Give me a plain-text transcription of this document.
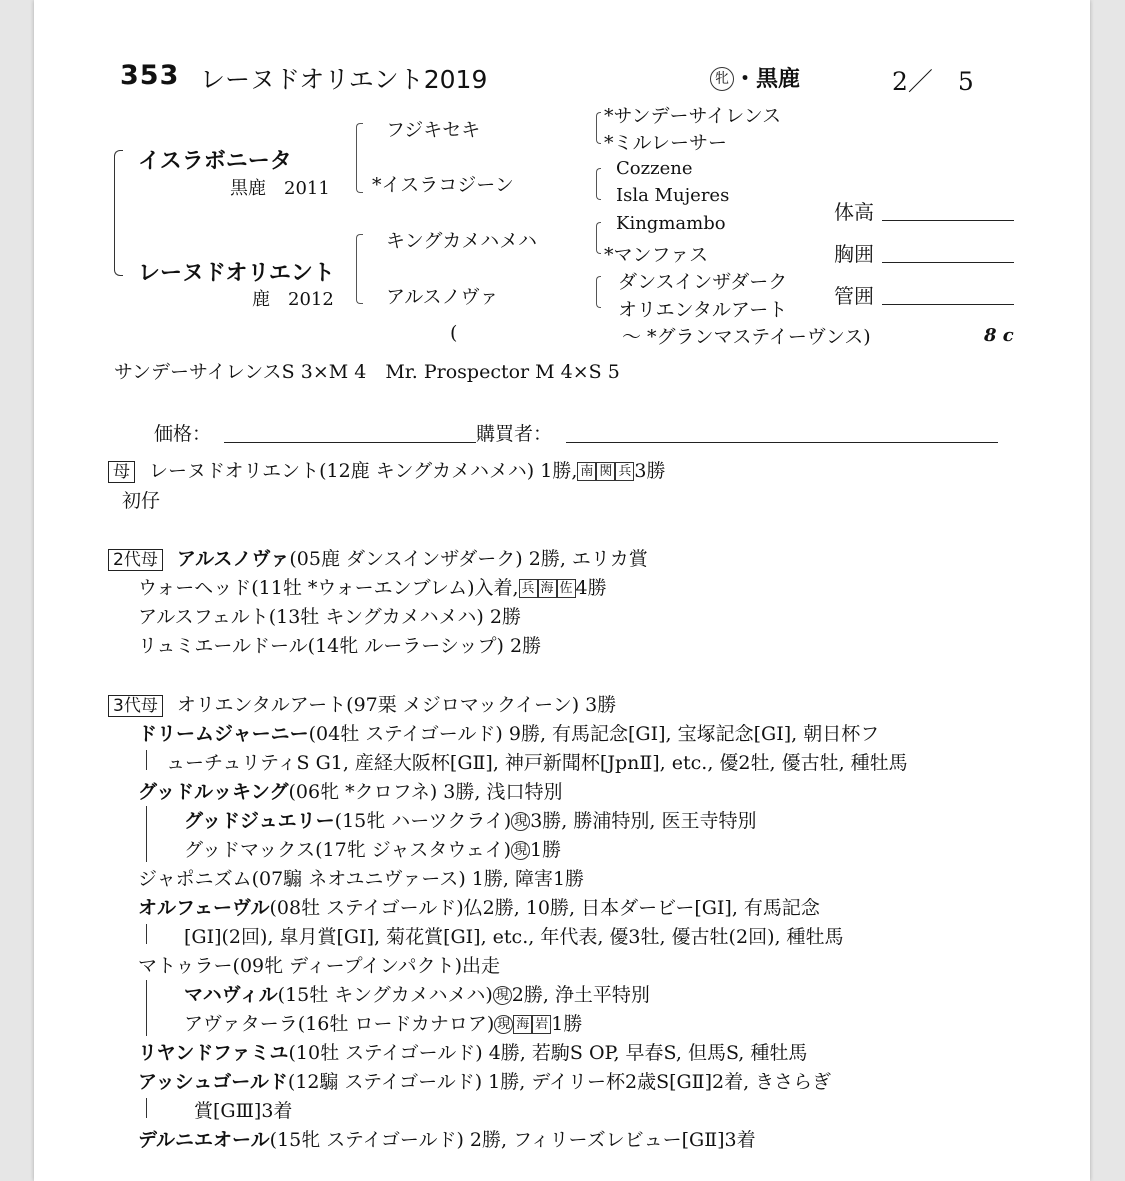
353 レーヌドオリエント2019	牝 ・黒鹿	2／　5
イスラボニータ
黒鹿　2011
レーヌドオリエント
鹿　2012
フジキセキ
*イスラコジーン
キングカメハメハ
アルスノヴァ
*サンデーサイレンス
*ミルレーサー
Cozzene
Isla Mujeres
Kingmambo
*マンファス
ダンスインザダーク
オリエンタルアート
体高
胸囲
管囲
(	～ *グランマステイーヴンス)	8 c
サンデーサイレンスS 3×M 4　Mr. Prospector M 4×S 5
価格：	購買者：
母 レーヌドオリエント(12鹿 キングカメハメハ) 1勝, 南 関 兵 3勝
初仔
2代母 アルスノヴァ(05鹿 ダンスインザダーク) 2勝, エリカ賞
ウォーヘッド(11牡 *ウォーエンブレム)入着, 兵 海 佐 4勝
アルスフェルト(13牡 キングカメハメハ) 2勝
リュミエールドール(14牝 ルーラーシップ) 2勝
3代母 オリエンタルアート(97栗 メジロマックイーン) 3勝
ドリームジャーニー(04牡 ステイゴールド) 9勝, 有馬記念[GⅠ], 宝塚記念[GⅠ], 朝日杯フ
ューチュリティS G1, 産経大阪杯[GⅡ], 神戸新聞杯[JpnⅡ], etc., 優2牡, 優古牡, 種牡馬
グッドルッキング(06牝 *クロフネ) 3勝, 浅口特別
グッドジュエリー(15牝 ハーツクライ) 現 3勝, 勝浦特別, 医王寺特別
グッドマックス(17牝 ジャスタウェイ) 現 1勝
ジャポニズム(07騸 ネオユニヴァース) 1勝, 障害1勝
オルフェーヴル(08牡 ステイゴールド)仏2勝, 10勝, 日本ダービー[GⅠ], 有馬記念
[GⅠ](2回), 皐月賞[GⅠ], 菊花賞[GⅠ], etc., 年代表, 優3牡, 優古牡(2回), 種牡馬
マトゥラー(09牝 ディープインパクト)出走
マハヴィル(15牡 キングカメハメハ) 現 2勝, 浄土平特別
アヴァターラ(16牡 ロードカナロア) 現 海 岩 1勝
リヤンドファミユ(10牡 ステイゴールド) 4勝, 若駒S OP, 早春S, 但馬S, 種牡馬
アッシュゴールド(12騸 ステイゴールド) 1勝, デイリー杯2歳S[GⅡ]2着, きさらぎ
賞[GⅢ]3着
デルニエオール(15牝 ステイゴールド) 2勝, フィリーズレビュー[GⅡ]3着
